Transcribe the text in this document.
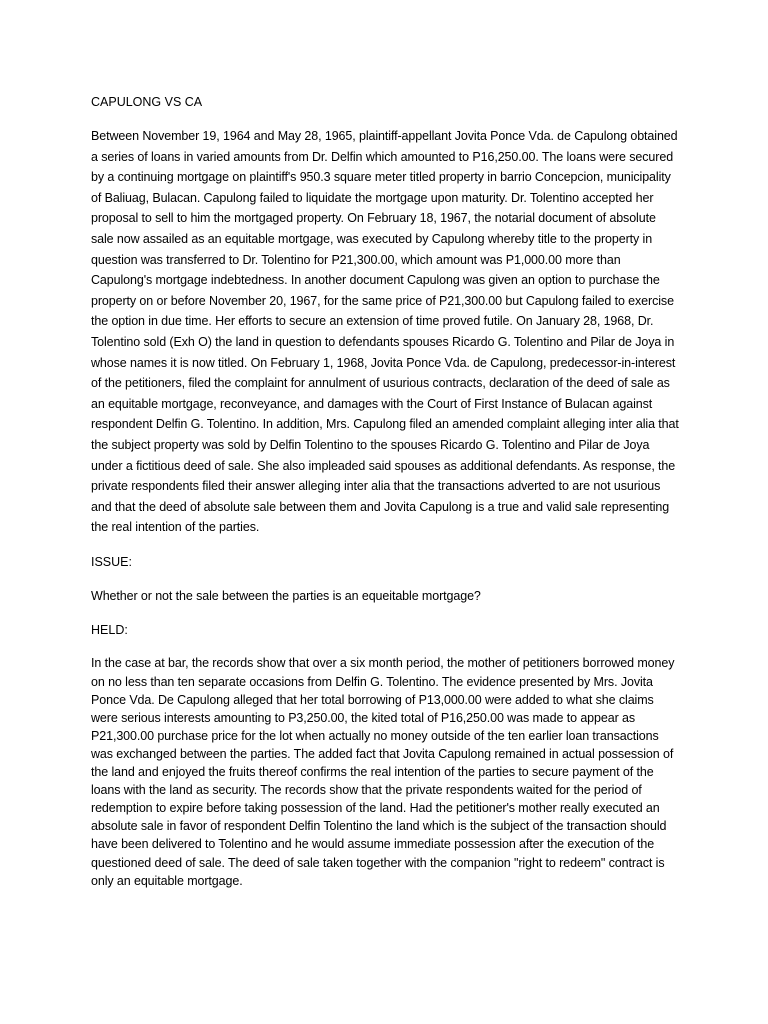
CAPULONG VS CA
Between November 19, 1964 and May 28, 1965, plaintiff-appellant Jovita Ponce Vda. de Capulong obtained a series of loans in varied amounts from Dr. Delfin which amounted to P16,250.00. The loans were secured by a continuing mortgage on plaintiff's 950.3 square meter titled property in barrio Concepcion, municipality of Baliuag, Bulacan. Capulong failed to liquidate the mortgage upon maturity. Dr. Tolentino accepted her proposal to sell to him the mortgaged property. On February 18, 1967, the notarial document of absolute sale now assailed as an equitable mortgage, was executed by Capulong whereby title to the property in question was transferred to Dr. Tolentino for P21,300.00, which amount was P1,000.00 more than Capulong's mortgage indebtedness. In another document Capulong was given an option to purchase the property on or before November 20, 1967, for the same price of P21,300.00 but Capulong failed to exercise the option in due time. Her efforts to secure an extension of time proved futile. On January 28, 1968, Dr. Tolentino sold (Exh O) the land in question to defendants spouses Ricardo G. Tolentino and Pilar de Joya in whose names it is now titled. On February 1, 1968, Jovita Ponce Vda. de Capulong, predecessor-in-interest of the petitioners, filed the complaint for annulment of usurious contracts, declaration of the deed of sale as an equitable mortgage, reconveyance, and damages with the Court of First Instance of Bulacan against respondent Delfin G. Tolentino. In addition, Mrs. Capulong filed an amended complaint alleging inter alia that the subject property was sold by Delfin Tolentino to the spouses Ricardo G. Tolentino and Pilar de Joya under a fictitious deed of sale. She also impleaded said spouses as additional defendants. As response, the private respondents filed their answer alleging inter alia that the transactions adverted to are not usurious and that the deed of absolute sale between them and Jovita Capulong is a true and valid sale representing the real intention of the parties.
ISSUE:
Whether or not the sale between the parties is an equeitable mortgage?
HELD:
In the case at bar, the records show that over a six month period, the mother of petitioners borrowed money on no less than ten separate occasions from Delfin G. Tolentino. The evidence presented by Mrs. Jovita Ponce Vda. De Capulong alleged that her total borrowing of P13,000.00 were added to what she claims were serious interests amounting to P3,250.00, the kited total of P16,250.00 was made to appear as P21,300.00 purchase price for the lot when actually no money outside of the ten earlier loan transactions was exchanged between the parties. The added fact that Jovita Capulong remained in actual possession of the land and enjoyed the fruits thereof confirms the real intention of the parties to secure payment of the loans with the land as security. The records show that the private respondents waited for the period of redemption to expire before taking possession of the land. Had the petitioner's mother really executed an absolute sale in favor of respondent Delfin Tolentino the land which is the subject of the transaction should have been delivered to Tolentino and he would assume immediate possession after the execution of the questioned deed of sale. The deed of sale taken together with the companion "right to redeem" contract is only an equitable mortgage.
